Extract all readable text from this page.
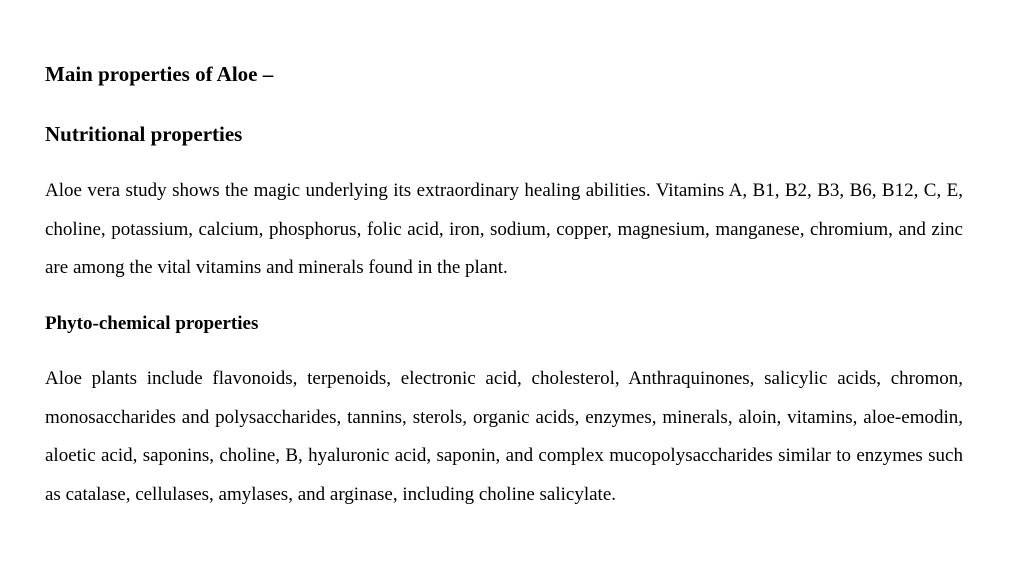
Main properties of Aloe –
Nutritional properties

Aloe vera study shows the magic underlying its extraordinary healing abilities. Vitamins A, B1, B2, B3, B6, B12, C, E, choline, potassium, calcium, phosphorus, folic acid, iron, sodium, copper, magnesium, manganese, chromium, and zinc are among the vital vitamins and minerals found in the plant.

Phyto-chemical properties

Aloe plants include flavonoids, terpenoids, electronic acid, cholesterol, Anthraquinones, salicylic acids, chromon, monosaccharides and polysaccharides, tannins, sterols, organic acids, enzymes, minerals, aloin, vitamins, aloe-emodin, aloetic acid, saponins, choline, B, hyaluronic acid, saponin, and complex mucopolysaccharides similar to enzymes such as catalase, cellulases, amylases, and arginase, including choline salicylate.
